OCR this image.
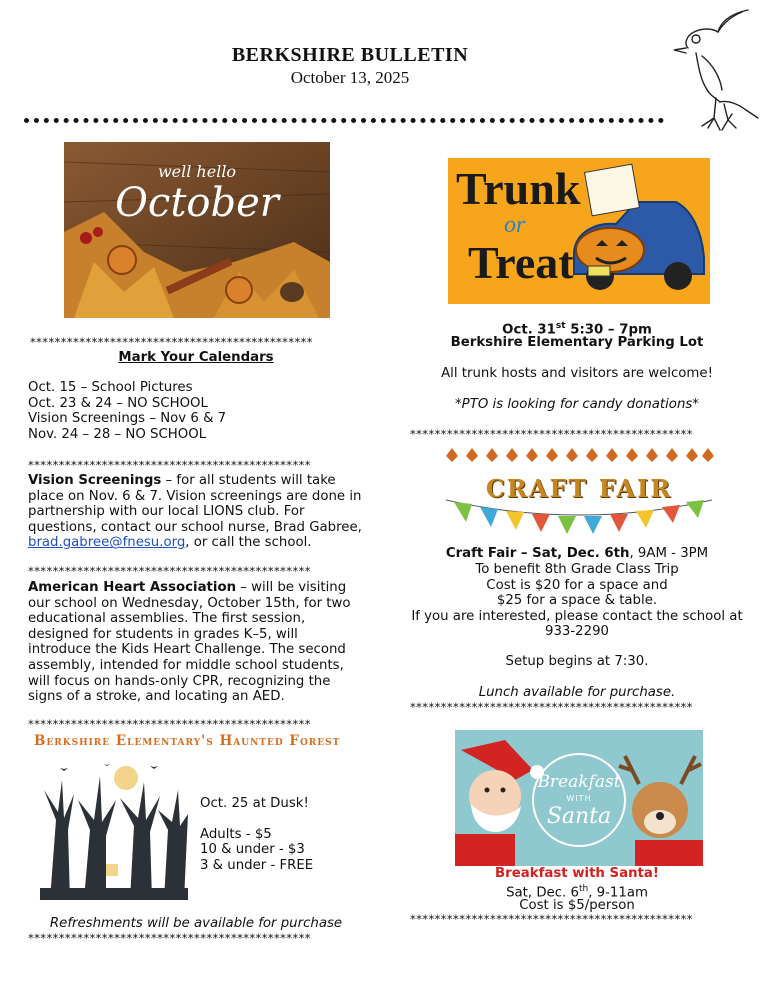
BERKSHIRE BULLETIN
October 13, 2025
well hello
October
**********************************************
Mark Your Calendars
Oct. 15 – School Pictures
Oct. 23 & 24 – NO SCHOOL
Vision Screenings – Nov 6 & 7
Nov. 24 – 28 – NO SCHOOL
**********************************************
Vision Screenings – for all students will take place on Nov. 6 & 7. Vision screenings are done in partnership with our local LIONS club. For questions, contact our school nurse, Brad Gabree, brad.gabree@fnesu.org, or call the school.
**********************************************
American Heart Association – will be visiting our school on Wednesday, October 15th, for two educational assemblies. The first session, designed for students in grades K–5, will introduce the Kids Heart Challenge. The second assembly, intended for middle school students, will focus on hands-only CPR, recognizing the signs of a stroke, and locating an AED.
**********************************************
Berkshire Elementary's Haunted Forest
Oct. 25 at Dusk!
Adults - $5
10 & under - $3
3 & under - FREE
Refreshments will be available for purchase
**********************************************
Trunk
or
Treat
Oct. 31st 5:30 – 7pm
Berkshire Elementary Parking Lot
All trunk hosts and visitors are welcome!
*PTO is looking for candy donations*
**********************************************
CRAFT FAIR
Craft Fair – Sat, Dec. 6th, 9AM - 3PM
To benefit 8th Grade Class Trip
Cost is $20 for a space and
$25 for a space & table.
If you are interested, please contact the school at
933-2290
Setup begins at 7:30.
Lunch available for purchase.
**********************************************
Breakfast
WITH
Santa
Breakfast with Santa!
Sat, Dec. 6th, 9-11am
Cost is $5/person
**********************************************
